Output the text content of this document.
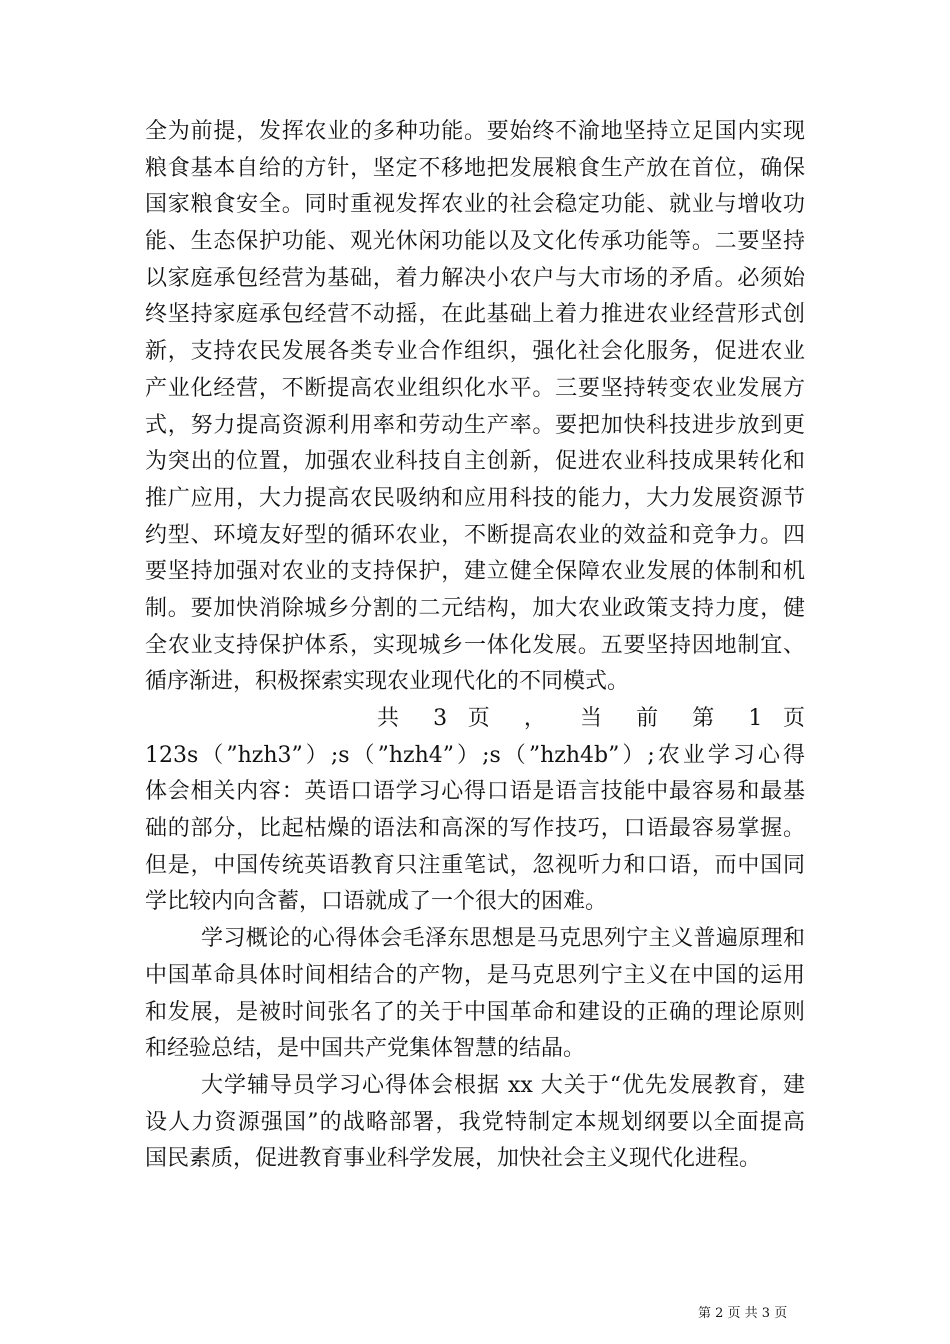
全为前提，发挥农业的多种功能。要始终不渝地坚持立足国内实现
粮食基本自给的方针，坚定不移地把发展粮食生产放在首位，确保
国家粮食安全。同时重视发挥农业的社会稳定功能、就业与增收功
能、生态保护功能、观光休闲功能以及文化传承功能等。二要坚持
以家庭承包经营为基础，着力解决小农户与大市场的矛盾。必须始
终坚持家庭承包经营不动摇，在此基础上着力推进农业经营形式创
新，支持农民发展各类专业合作组织，强化社会化服务，促进农业
产业化经营，不断提高农业组织化水平。三要坚持转变农业发展方
式，努力提高资源利用率和劳动生产率。要把加快科技进步放到更
为突出的位置，加强农业科技自主创新，促进农业科技成果转化和
推广应用，大力提高农民吸纳和应用科技的能力，大力发展资源节
约型、环境友好型的循环农业，不断提高农业的效益和竞争力。四
要坚持加强对农业的支持保护，建立健全保障农业发展的体制和机
制。要加快消除城乡分割的二元结构，加大农业政策支持力度，健
全农业支持保护体系，实现城乡一体化发展。五要坚持因地制宜、
循序渐进，积极探索实现农业现代化的不同模式。
共 3 页 ， 当 前 第 1 页
123s（”hzh3”）;s（”hzh4”）;s（”hzh4b”）;农业学习心得
体会相关内容：英语口语学习心得口语是语言技能中最容易和最基
础的部分，比起枯燥的语法和高深的写作技巧，口语最容易掌握。
但是，中国传统英语教育只注重笔试，忽视听力和口语，而中国同
学比较内向含蓄，口语就成了一个很大的困难。
学习概论的心得体会毛泽东思想是马克思列宁主义普遍原理和
中国革命具体时间相结合的产物，是马克思列宁主义在中国的运用
和发展，是被时间张名了的关于中国革命和建设的正确的理论原则
和经验总结，是中国共产党集体智慧的结晶。
大学辅导员学习心得体会根据 xx 大关于“优先发展教育，建
设人力资源强国”的战略部署，我党特制定本规划纲要以全面提高
国民素质，促进教育事业科学发展，加快社会主义现代化进程。
第 2 页 共 3 页
